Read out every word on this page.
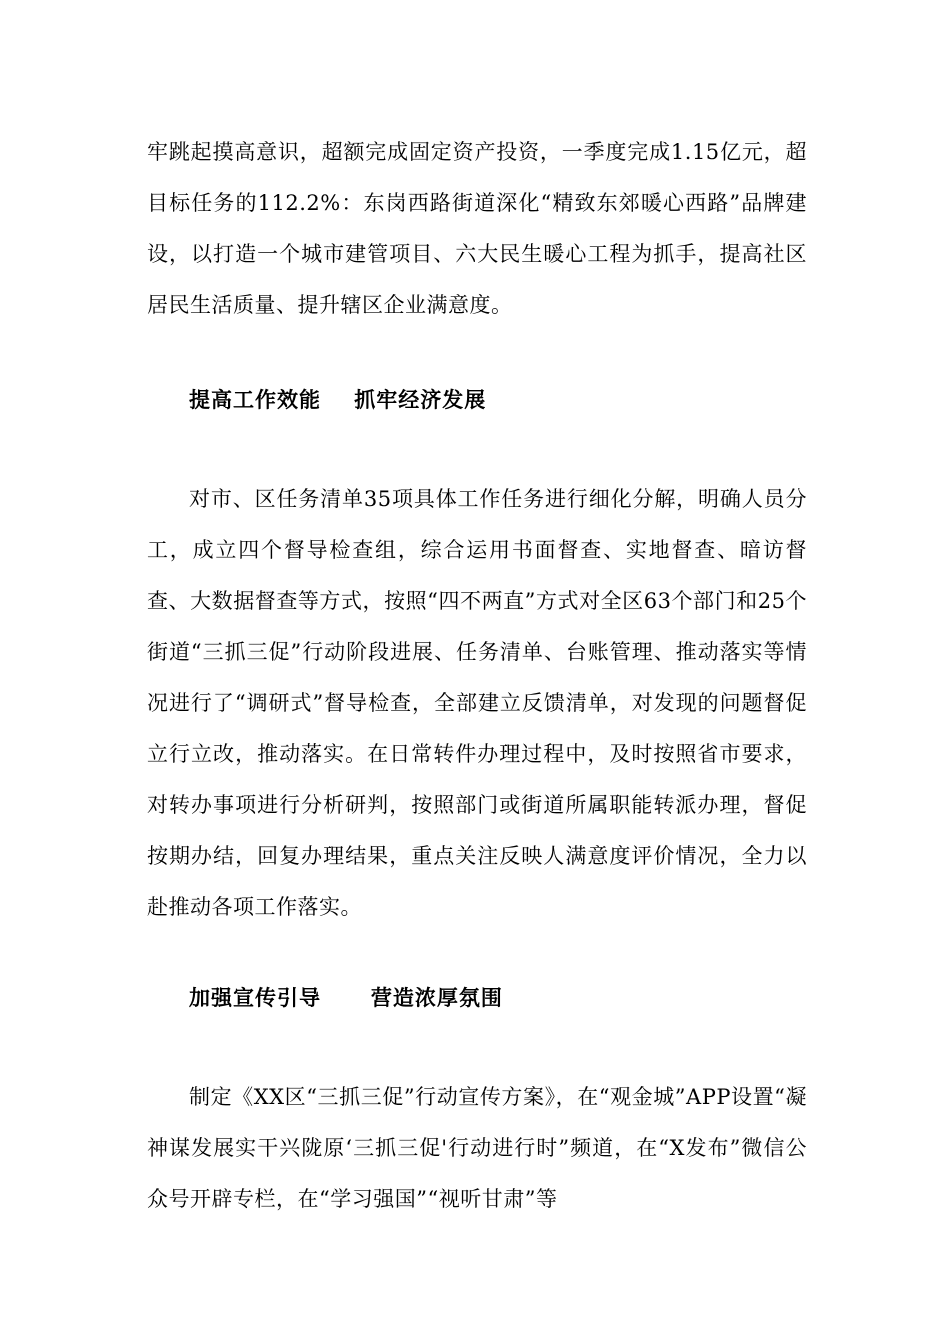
牢跳起摸高意识，超额完成固定资产投资，一季度完成1.15亿元，超目标任务的112.2%：东岗西路街道深化“精致东郊暖心西路”品牌建设，以打造一个城市建管项目、六大民生暖心工程为抓手，提高社区居民生活质量、提升辖区企业满意度。

提高工作效能    抓牢经济发展

对市、区任务清单35项具体工作任务进行细化分解，明确人员分工，成立四个督导检查组，综合运用书面督查、实地督查、暗访督查、大数据督查等方式，按照“四不两直”方式对全区63个部门和25个街道“三抓三促”行动阶段进展、任务清单、台账管理、推动落实等情况进行了“调研式”督导检查，全部建立反馈清单，对发现的问题督促立行立改，推动落实。在日常转件办理过程中，及时按照省市要求，对转办事项进行分析研判，按照部门或街道所属职能转派办理，督促按期办结，回复办理结果，重点关注反映人满意度评价情况，全力以赴推动各项工作落实。

加强宣传引导      营造浓厚氛围

制定《XX区“三抓三促”行动宣传方案》，在“观金城”APP设置“凝神谋发展实干兴陇原‘三抓三促'行动进行时”频道，在“X发布”微信公众号开辟专栏，在“学习强国”“视听甘肃”等
